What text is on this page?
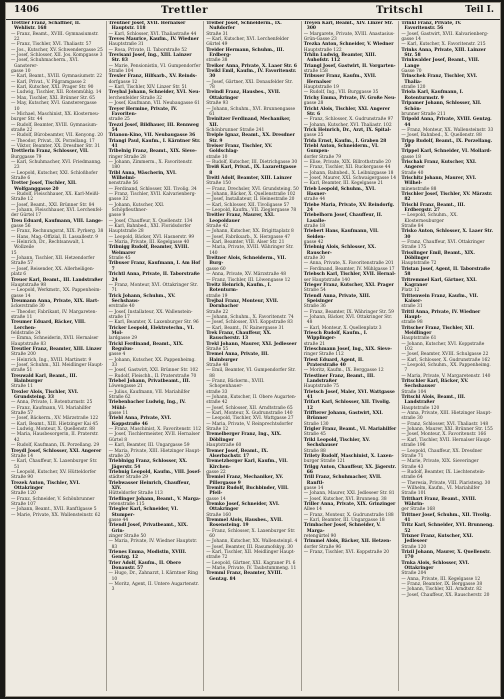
1406	Trettler	Tritschl	Teil I.

Trettler Franz, Schaffner, II. Wehlistr. 168

— Franz, Beamt., XVIII. Gymnasiumstr. 22

— Franz, Tischler, XVI. Thaliastr. 57

— Jos., Kutscher, XV. Schwendergasse 25

— Josef, Schlosser, XII. Jos. Kompgasse 3

— Josef, Schuhmacherm., XVI. Gansterer-

gasse 10

— Karl, Beamt., XVIII. Gymnasiumstr. 22

— Karl, Privat., V. Pilgramgasse 2

— Karl, Kutscher, XXI. Prager Str. 90

— Ludwig, Tischler, XII. Rotenmühlg. 14

— Max, Tischler, XXI. Brünner Str. 65

— May, Kutscher, XVI. Gansterergasse 10

— Michael, Maschinist, XX. Klosterneu-

burger Str. 44

— Rudolf, Beamter, XVIII. Gymnasium-

straße 22

— Rudolf, Bürobeamter, VII. Kenyong. 20

— Theodor, Privat., IX. Porzellang. 17

— Viktor, Beamter, XX. Dresdner Str. 31

Trettlerin Franz, Schlosser, VII.

Burggasse 79

— Karl, Schuhmacher, XVI. Friedmanng. 23

— Leopold, Kutscher, XXI. Schloßhofer

Straße 6

Tretter Josef, Tischler, XII. Wolfganggasse 20

— Rudolf, Fleischhauer, XX. Karl-Meißl-

Straße 12

— Josef, Beamt., XXI. Brünner Str. 84

— Johann, Fleischhauer, XVI. Lerchenfel-

der Gürtel 17

Treu Eduard, Kaufmann, VIII. Lange-

gasse 56

— Franz, Rechnungsrat, XIX. Pyrkerg. 38

— Hans, Mag.-Offizial, II. Lassallestr. 9

— Heinrich, Dr., Rechtsanwalt, I. Wollzeile

15

— Johann, Tischler, XII. Hetzendorfer

Straße 57

— Josef, Reisender, XX. Allerheiligen-

platz 6

Treuer Karl, Beamt., III. Landstraßer

Hauptstraße 98

— Leopold, Werkmstr., XX. Pappenheim-

gasse 14

Treumann Anna, Private, XIX. Hart-

äckerstraße 30

— Theodor, Fabrikant, IV. Margareten-

straße 11

Treumer Eduard, Bäcker, VIII. Lerchen-

feldstraße 24

— Emma, Schneiderin, XVII. Hernalser

Hauptstraße 83

Treutler Franz, Beamter, XIII. Linzer

Straße 200

— Heinrich, Ing., XVIII. Martinstr. 9

— Josef, Schuhm., XII. Meidlinger Haupt-

straße 51

Treuwald Karl, Beamt., III. Hainburger

Straße 11

Trexler Alois, Tischler, XVI. Grundsteing. 33

— Anna, Private, I. Rotenturmstr. 25

— Franz, Kaufmann, VI. Mariahilfer

Straße 57

— Josef, Bäckerm., XV. Märzstraße 122

— Karl, Beamt., XIII. Hietzinger Kai 45

— Ludwig, Monteur, X. Quellenstr. 88

— Maria, Hausbesorgerin, II. Praterstr. 42

— Rudolf, Kaufmann, IX. Porzellang. 29

Treydl Josef, Schlosser, XXI. Angerer

Straße 14

— Karl, Chauffeur, X. Laxenburger Str. 51

— Leopold, Kutscher, XV. Hütteldorfer

Straße 90

Trezek Anton, Tischler, XVI. Ottakringer

Straße 120

— Franz, Schneider, V. Schönbrunner

Straße 107

— Johann, Beamt., XVII. Ranftlgasse 5

— Marie, Private, XX. Wallensteinstr. 62

Treutner Josef, XVII. Hernalser Hauptstr. 118

— Karl, Schlosser, XVI. Thaliastraße 44

Treves Maurice, Kaufm., IV. Wiedner

Hauptstraße 31

— Rosa, Private, II. Taborstraße 52

Trevisani Josef, Ing., XIII. Lainzer Str. 83

— Marie, Pensionistin, VI. Gumpendorfer

Straße 104

Trexler Franz, Hilfsarb., XV. Reinds-

dorfgasse 12

— Karl, Tischler, XIV. Linzer Str. 51

Treybal Johann, Schneider, XVI. Neu-

lerchenfelder Straße 32

— Josef, Kaufmann, VII. Neubaugasse 61

Treyer Hermine, Private, IV. Favoriten-

straße 25

Trezzi Josef, Bildhauer, III. Rennweg 54

Trianon-Kino, VII. Neubaugasse 36

Triangi Paul, Kaufm., I. Kärntner Str. 41

Tribelnig Franz, Beamt., XIX. Sieve-

ringer Straße 28

— Johann, Zimmerm., X. Favoritenstr. 180

Tribl Anna, Wäscherin, XVI. Wilhelmi-

nenstraße 56

— Ferdinand, Schlosser, XII. Tivolig. 34

— Franz, Tischler, XVII. Kalvarienberg-

gasse 32

— Johann, Kutscher, XXI. Schöpfleuthner-

gasse 9

— Josef, Chauffeur, X. Quellenstr. 134

— Karl, Bahnbed., XXI. Floridsdorfer

Hauptstraße 28

— Leopold, Bäcker, XVI. Hasnerstr. 99

— Maria, Private, III. Kegelgasse 40

Tribnigg Rudolf, Beamter, XVIII. Weimarer

Straße 45

Tribuser Franz, Kaufmann, I. Am Hof 7

Trichtl Anna, Private, II. Taborstraße 24

— Franz, Monteur, XVI. Ottakringer Str. 71

Trick Johann, Schuhm., XV. Sechshaus-

erstraße 40

— Josef, Installateur, XX. Wallenstein-

straße 17

— Karl, Beamter, X. Laxenburger Str. 96

Tricker Leopold, Elektrotechn., VI. Mol-

lardgasse 29

Trickl Ferdinand, Beamt., XIX. Regulus-

gasse 4

— Johann, Kutscher, XX. Pappenheimg. 33

— Josef, Gastwirt, XXI. Brünner Str. 102

— Rudolf, Fleischh., II. Praterstraße 70

Triebel Johann, Privatbeamt., III.

Löwengasse 21

— Julius, Kaufmann, VII. Mariahilfer

Straße 62

Triebenbacher Ludwig, Ing., IV. Mühl-

gasse 11

Triebl Anna, Private, XVI. Koppstraße 46

— Franz, Maschinist, X. Favoritenstr. 112

— Josef, Tischlermeister, XVII. Hernalser

Gürtel 8

— Karl, Beamter, III. Ungargasse 59

— Maria, Private, XIII. Hietzinger Haupt-

straße 20

Trieblnigg Franz, Schlosser, XX. Jägerstr. 54

Triebnig Leopold, Kaufm., VIII. Josef-

städter Straße 29

Triebwasser Heinrich, Chauffeur, XIV.

Hütteldorfer Straße 113

Trieflinger Johann, Beamt., V. Marga-

retenstraße 115

Triegler Karl, Schneider, VI. Stumper-

gasse 44

Triendl Josef, Privatbeamt., XIX. Grin-

zinger Straße 50

— Maria, Private, IV. Wiedner Hauptstr. 83

Trienes Emma, Modistin, XVIII. Gentzg. 12

Trier Adolf, Kaufm., II. Obere Donaustr. 57

— Hugo, Dr., Zahnarzt, I. Kärntner Ring 10

— Moritz, Agent, II. Untere Augartenstr. 3

Treiber Josef, Schneiderm., IX. Nußdorfer

Straße 31

— Karl, Kutscher, XVI. Lerchenfelder

Gürtel 49

Treider Hermann, Schuhm., III. Erdberg-

straße 38

Treiker Anna, Private, X. Laaer Str. 6

Treikl Emil, Kaufm., IV. Favoritenstr. 30

— Josef, Gärtner, XXI. Donaufelder Str. 78

Treindl Franz, Hausbes., XVII. Ottakringer

Straße 93

— Johann, Schuhm., XVI. Brunnengasse 61

Treinitzer Ferdinand, Mechaniker, XII.

Schönbrunner Straße 241

Treiple Ignaz, Beamt., XX. Dresdner Str. 9

Treiser Franz, Tischler, XV. Goldschlag-

straße 10

— Rudolf, Kutscher, III. Dietrichgasse 30

Treiß Karl, Privat., IX. Lazarettgasse 8

Treitl Adolf, Beamter, XIII. Lainzer

Straße 150

— Franz, Drechsler, XVI. Grundsteing. 50

— Johann, Bäcker, X. Quellenstraße 102

— Josef, Installateur, II. Heinestraße 20

— Karl, Schlosser, XII. Tivoligasse 57

— Leopold, Kaufm., VII. Zieglergasse 78

Treitler Franz, Maurer, XXI. Leopoldauer

Straße 42

— Johann, Kutscher, XX. Brigittaplatz 8

— Josef, Fabriksarb., X. Herzgasse 47

— Karl, Beamter, VIII. Alser Str. 21

— Maria, Private, XVIII. Währinger Str. 140

Treitner Alois, Schneiderm., VII. Burg-

gasse 60

— Anna, Private, XV. Märzstraße 48

— Franz, Tischler, III. Löwengasse 12

Treitz Heinrich, Kaufm., I. Rotenturm-

straße 19

Trejbal Franz, Monteur, XVII. Dornbacher

Straße 22

— Johann, Schuhm., X. Favoritenstr. 74

— Josef, Schlosser, XVI. Koppstraße 83

— Karl, Beamt., IV. Rainergasse 31

Trek Franz, Chauffeur, XX. Rauscherstr. 13

Trekl Johann, Maurer, XXI. Jedleseer

Straße 55

Tremel Anna, Private, III. Hainburger

Straße 48

— Emil, Beamter, VI. Gumpendorfer Str. 88

— Franz, Bäckerm., XVIII. Schopenhauer-

straße 33

— Johann, Kutscher, II. Obere Augarten-

straße 42

— Josef, Schlosser, XII. Arndtstraße 65

— Karl, Monteur, X. Gudrunstraße 140

— Leopold, Tischler, XVI. Wattgasse 27

— Maria, Private, V. Reinprechtsdorfer

Straße 12

Tremelberger Franz, Ing., XIX. Döblinger

Hauptstraße 60

Tremer Josef, Beamt., IX. Alserbachstr. 17

Tremetzberger Karl, Kaufm., VII. Kirchen-

gasse 22

Tremiel Franz, Mechaniker, XV. Pillergasse 9

Tremitz Rudolf, Buchbinder, VIII. Pfeil-

gasse 14

Tremko Josef, Schneider, XVI. Ottakringer

Straße 160

Tremmel Alois, Hausbes., XVII. Rosensteing. 19

— Franz, Schlosser, X. Laxenburger Str. 60

— Johann, Kutscher, XX. Wallensteinpl. 4

— Josef, Beamter, III. Rasumofskyg. 30

— Karl, Tischler, XII. Meidlinger Haupt-

straße 72

— Leopold, Gärtner, XXI. Kagraner Pl. 6

— Marie, Private, IV. Taubstummeng. 11

Tremml Franz, Beamter, XVIII. Gentzg. 84

Treyen Karl, Beamt., XIV. Linzer Str. 300

— Margarete, Private, XVIII. Anastasius-

Grün-Gasse 23

Trezka Anton, Schneider, V. Wiedner

Hauptstraße 122

Trhlin Ludwig, Beamter, XIII. Auhofstr. 112

Triangl Josef, Gastwirt, II. Vorgarten-

straße 158

Tribuser Franz, Kaufm., XVII. Hernalser

Hauptstraße 19

— Rudolf, Ing., VII. Burggasse 35

Trichy Emma, Private, IV. Große Neu-

gasse 28

Tricht Alois, Tischler, XXI. Angerer Str. 6

— Franz, Schlosser, X. Gudrunstraße 97

— Johann, Kutscher, XVI. Thaliastr. 102

Trick Heinrich, Dr., Arzt, IX. Spital-

gasse 25

Trida Ernst, Kaufm., I. Graben 28

Triebl Anton, Schneiderm., VI. Gumpen-

dorfer Straße 79

— Elise, Private, XIX. Billrothstraße 20

— Franz, Tischler, XII. Ruckergasse 44

— Johann, Bahnbed., X. Leibnizgasse 18

— Josef, Maurer, XXI. Schwaigergasse 14

— Karl, Beamter, III. Kegelgasse 21

Trieb Leopold, Schuhm., XVI. Hasner-

straße 44

Triebe Maria, Private, XV. Reindorfg. 24

Triebelhorn Josef, Chauffeur, II. Lasalle-

straße 18

Triebert Hans, Kaufmann, VII. Seiden-

gasse 42

Triebnig Alois, Schlosser, XX. Rauscher-

straße 30

— Anna, Private, X. Favoritenstraße 201

— Ferdinand, Beamter, IV. Mühlgasse 17

Triebsch Karl, Tischler, XVII. Hernal-

ser Hauptstraße 140

Trieger Franz, Kutscher, XXI. Prager

Straße 54

Triendl Anna, Private, XIII. Speisinger

Straße 36

— Franz, Beamter, IX. Währinger Str. 59

— Johann, Bäcker, XVI. Ottakringer Str. 48

— Karl, Monteur, X. Quellenplatz 3

Triesch Rudolf, Kaufm., I. Wipplinger-

straße 21

Trieschmann Josef, Ing., XIX. Sieve-

ringer Straße 112

Triest Eduard, Agent, II. Praterstraße 40

— Moritz, Kaufm., IX. Berggasse 12

Triestiner Franz, Beamt., III. Landstraßer

Hauptstraße 75

Trietsch Josef, Maler, XVI. Wattgasse 41

Trifart Karl, Schlosser, XII. Tivolig. 12

Triffterer Johann, Gastwirt, XXI. Brünner

Straße 130

Trigler Franz, Beamt., VI. Mariahilfer

Straße 45

Trikl Leopold, Tischler, XV. Sechshauser

Straße 88

Trilety Rudolf, Maschinist, X. Laxen-

burger Straße 121

Trilgg Anton, Chauffeur, XX. Jägerstr. 66

Trill Franz, Schuhmacher, XVII. Ranftl-

gasse 14

— Johann, Maurer, XXI. Jedleseer Str. 81

— Josef, Kutscher, XVI. Brunneng. 38

Triller Anna, Private, XIX. Grinzinger

Allee 14

— Franz, Monteur, X. Gudrunstraße 188

— Karl, Beamter, III. Ungargasse 18

Trimbacher Josef, Schneider, V. Marga-

retengürtel 90

Trimmel Alois, Bäcker, XII. Hetzen-

dorfer Straße 96

— Franz, Tischler, XVI. Koppstraße 20

Trinkl Franz, Private, IV. Favoritenstr. 56

— Josef, Gastwirt, XVII. Kalvarienberg-

gasse 14

— Karl, Kutscher, X. Favoritenstr. 215

Trinks Anna, Private, XIII. Lainzer Str. 58

Trinkwalder Josef, Beamt., VIII. Lange

Gasse 70

Trinschek Franz, Tischler, XVI. Thalia-

straße 120

Triola Karl, Kaufmann, I. Rotenturmstr. 9

Tripamer Johann, Schlosser, XII. Schön-

brunner Straße 211

Tripold Anna, Private, XVIII. Gentzg. 44

— Franz, Monteur, XX. Wallensteinstr. 33

— Josef, Bahnbed., X. Quellenstr. 88

Tripp Rudolf, Beamt., IX. Porzellang. 50

Trippel Karl, Schneider, VI. Mollard-

gasse 18

Trischak Franz, Kutscher, XXI. Angerer

Straße 40

Trischitz Johann, Maurer, XVI. Wilhel-

minenstraße 88

Trischler Josef, Tischler, XV. Märzstr. 82

Trischl Franz, Beamt., III. Erdbergstr. 27

— Leopold, Schuhm., XX. Klosterneuburger

Straße 84

Trisko Anton, Schlosser, X. Laaer Str. 30

— Franz, Chauffeur, XVI. Ottakringer

Straße 175

Trisslinger Emil, Beamt., XIX. Döblinger

Hauptstraße 72

Tristan Josef, Agent, II. Taborstraße 58

Tritremmel Karl, Gärtner, XXI. Kagraner

Platz 12

Trittenwein Franz, Kaufm., VII. Kaiser-

straße 31

Trittl Anna, Private, IV. Wiedner Haupt-

straße 98

Tritscher Franz, Tischler, XII. Meidlinger

Hauptstraße 61

— Johann, Kutscher, XVI. Koppstraße 102

— Josef, Beamter, XVIII. Schulgasse 22

— Karl, Schlosser, X. Gudrunstraße 162

— Leopold, Schuhm., XX. Pappenheimg. 7

— Maria, Private, V. Margaretenstr. 140

Tritschler Karl, Bäcker, XV. Sechshauser

Straße 104

Tritschl Alois, Beamt., III. Landstraßer

Hauptstraße 120

— Anna, Private, XIII. Hietzinger Haupt-

straße 30

— Franz, Schlosser, XVI. Thaliastr. 148

— Johann, Maurer, XXI. Brünner Str. 155

— Josef, Monteur, X. Favoritenstr. 166

— Karl, Tischler, XVII. Hernalser Haupt-

straße 196

— Leopold, Chauffeur, XX. Dresdner

Straße 71

— Marie, Private, XIX. Sieveringer

Straße 43

— Rudolf, Beamter, IX. Liechtenstein-

straße 64

— Theresia, Private, VIII. Piaristeng. 30

— Wilhelm, Kaufm., VI. Mariahilfer

Straße 101

Tritthart Franz, Beamt., XVIII. Währin-

ger Straße 168

Trittner Josef, Schuhm., XII. Tivolig. 41

Tritz Karl, Schneider, XVI. Brunneng. 52

Trixner Franz, Kutscher, XXI. Jedleseer

Straße 120

Trizil Johann, Maurer, X. Quellenstr. 170

Trnka Alois, Schlosser, XVI. Ottakringer

Straße 204

— Anna, Private, III. Kegelgasse 12

— Franz, Beamter, IX. Berggasse 38

— Johann, Tischler, XII. Arndtstr. 82

— Josef, Chauffeur, XX. Rauscherstr. 20
